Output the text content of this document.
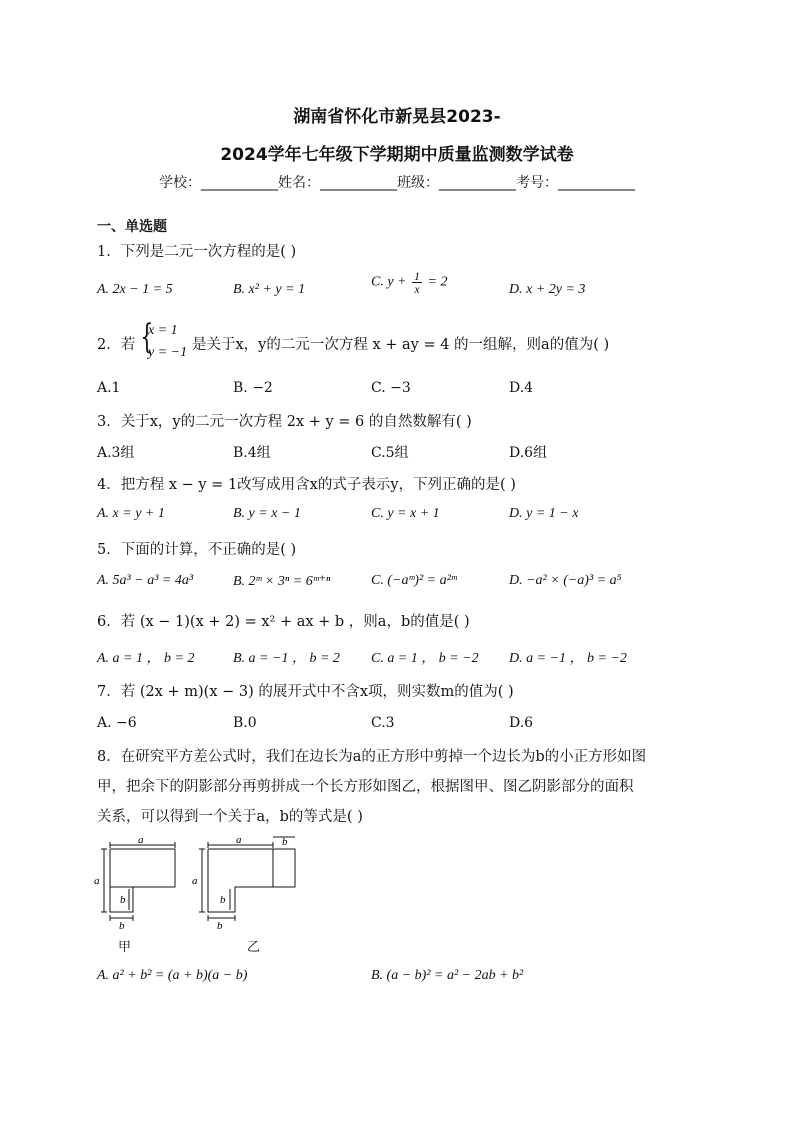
湖南省怀化市新晃县2023-
2024学年七年级下学期期中质量监测数学试卷
学校：___________姓名：___________班级：___________考号：___________
一、单选题
1．下列是二元一次方程的是( )
A. 2x − 1 = 5	B. x² + y = 1	C. $y + \frac{1}{x} = 2$	D. x + 2y = 3
2．若 {
x = 1
y = −1 是关于x，y的二元一次方程 x + ay = 4 的一组解，则a的值为( )
A.1	B. −2	C. −3	D.4
3．关于x，y的二元一次方程 2x + y = 6 的自然数解有( )
A.3组	B.4组	C.5组	D.6组
4．把方程 x − y = 1改写成用含x的式子表示y，下列正确的是( )
A. x = y + 1	B. y = x − 1	C. y = x + 1	D. y = 1 − x
5．下面的计算，不正确的是( )
A. 5a³ − a³ = 4a³	B. 2ᵐ × 3ⁿ = 6ᵐ⁺ⁿ	C. (−aᵐ)² = a²ᵐ	D. −a² × (−a)³ = a⁵
6．若 (x − 1)(x + 2) = x² + ax + b ，则a，b的值是( )
A. a = 1 ， b = 2	B. a = −1 ， b = 2 C. a = 1 ， b = −2 D. a = −1 ， b = −2
7．若 (2x + m)(x − 3) 的展开式中不含x项，则实数m的值为( )
A. −6	B.0	C.3	D.6
8．在研究平方差公式时，我们在边长为a的正方形中剪掉一个边长为b的小正方形如图
甲，把余下的阴影部分再剪拼成一个长方形如图乙，根据图甲、图乙阴影部分的面积
关系，可以得到一个关于a，b的等式是( )
a
a
b
b
a	b
a
b
b
甲	乙
A. a² + b² = (a + b)(a − b)	B. (a − b)² = a² − 2ab + b²
